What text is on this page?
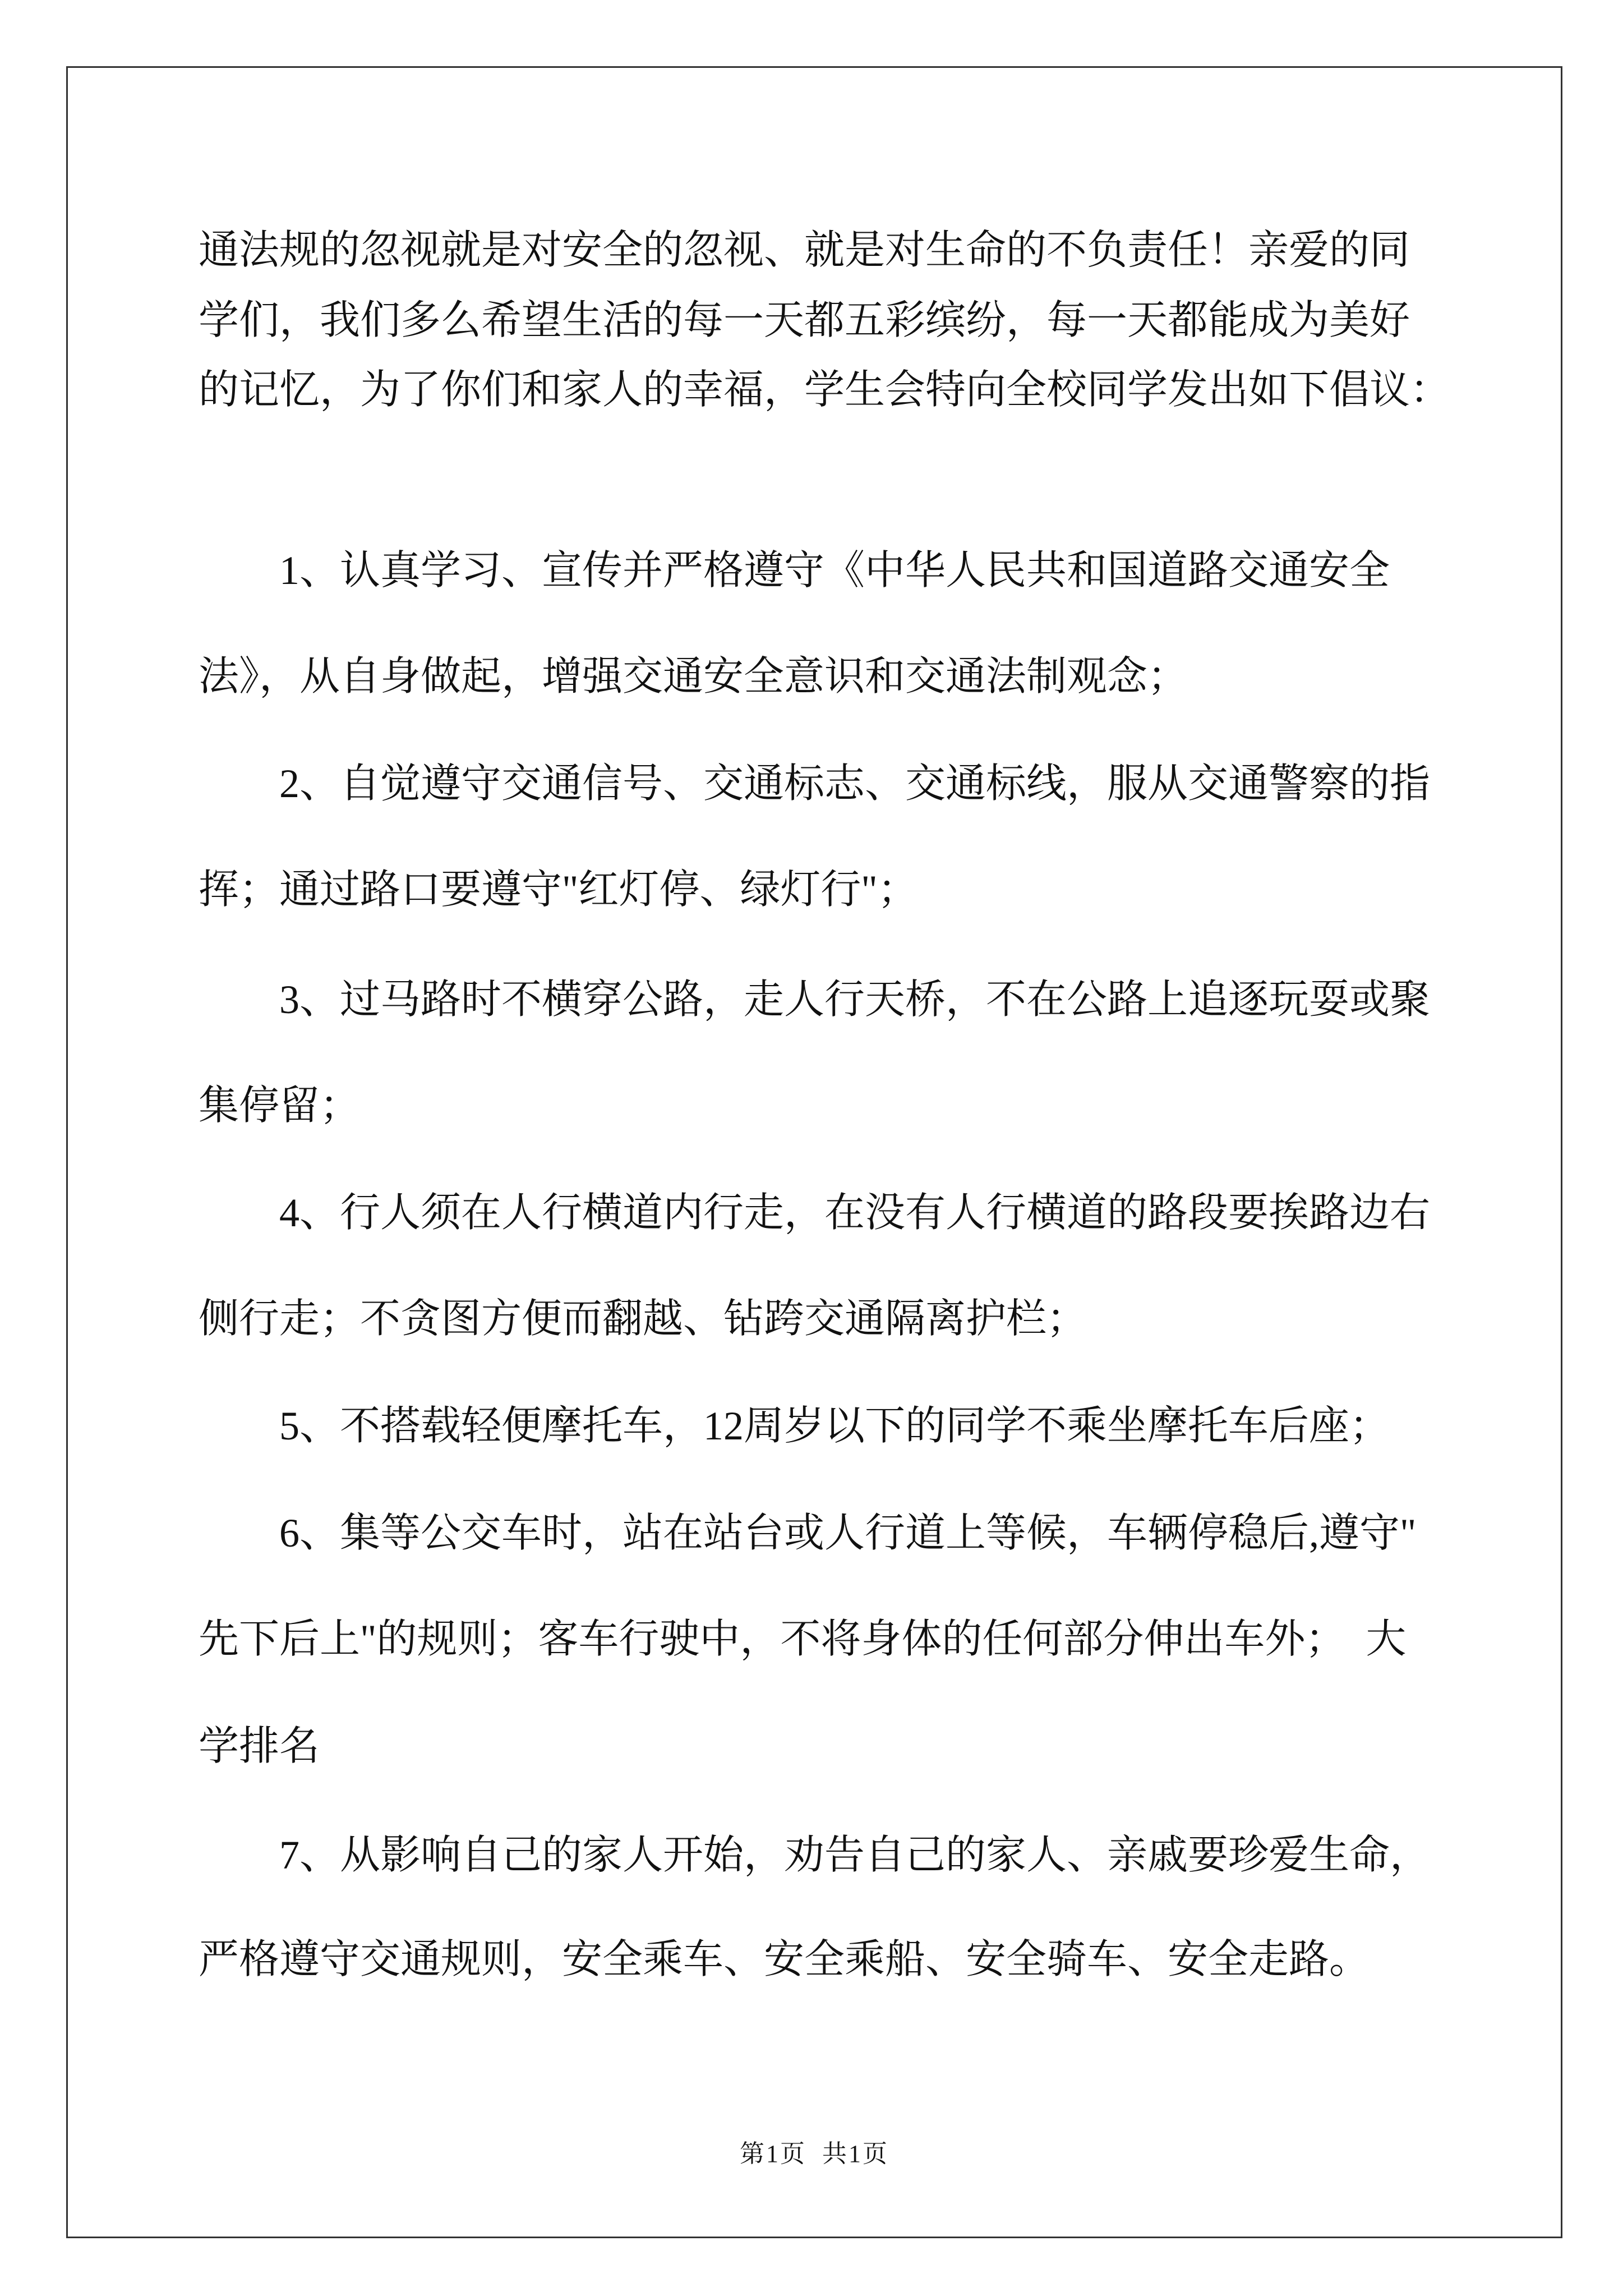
通法规的忽视就是对安全的忽视、就是对生命的不负责任！亲爱的同
学们，我们多么希望生活的每一天都五彩缤纷，每一天都能成为美好
的记忆，为了你们和家人的幸福，学生会特向全校同学发出如下倡议：
1、认真学习、宣传并严格遵守《中华人民共和国道路交通安全
法》，从自身做起，增强交通安全意识和交通法制观念；
2、自觉遵守交通信号、交通标志、交通标线，服从交通警察的指
挥；通过路口要遵守"红灯停、绿灯行"；
3、过马路时不横穿公路，走人行天桥，不在公路上追逐玩耍或聚
集停留；
4、行人须在人行横道内行走，在没有人行横道的路段要挨路边右
侧行走；不贪图方便而翻越、钻跨交通隔离护栏；
5、不搭载轻便摩托车，12周岁以下的同学不乘坐摩托车后座；
6、集等公交车时，站在站台或人行道上等候，车辆停稳后,遵守"
先下后上"的规则；客车行驶中，不将身体的任何部分伸出车外；  大
学排名
7、从影响自己的家人开始，劝告自己的家人、亲戚要珍爱生命，
严格遵守交通规则，安全乘车、安全乘船、安全骑车、安全走路。
第1页  共1页
